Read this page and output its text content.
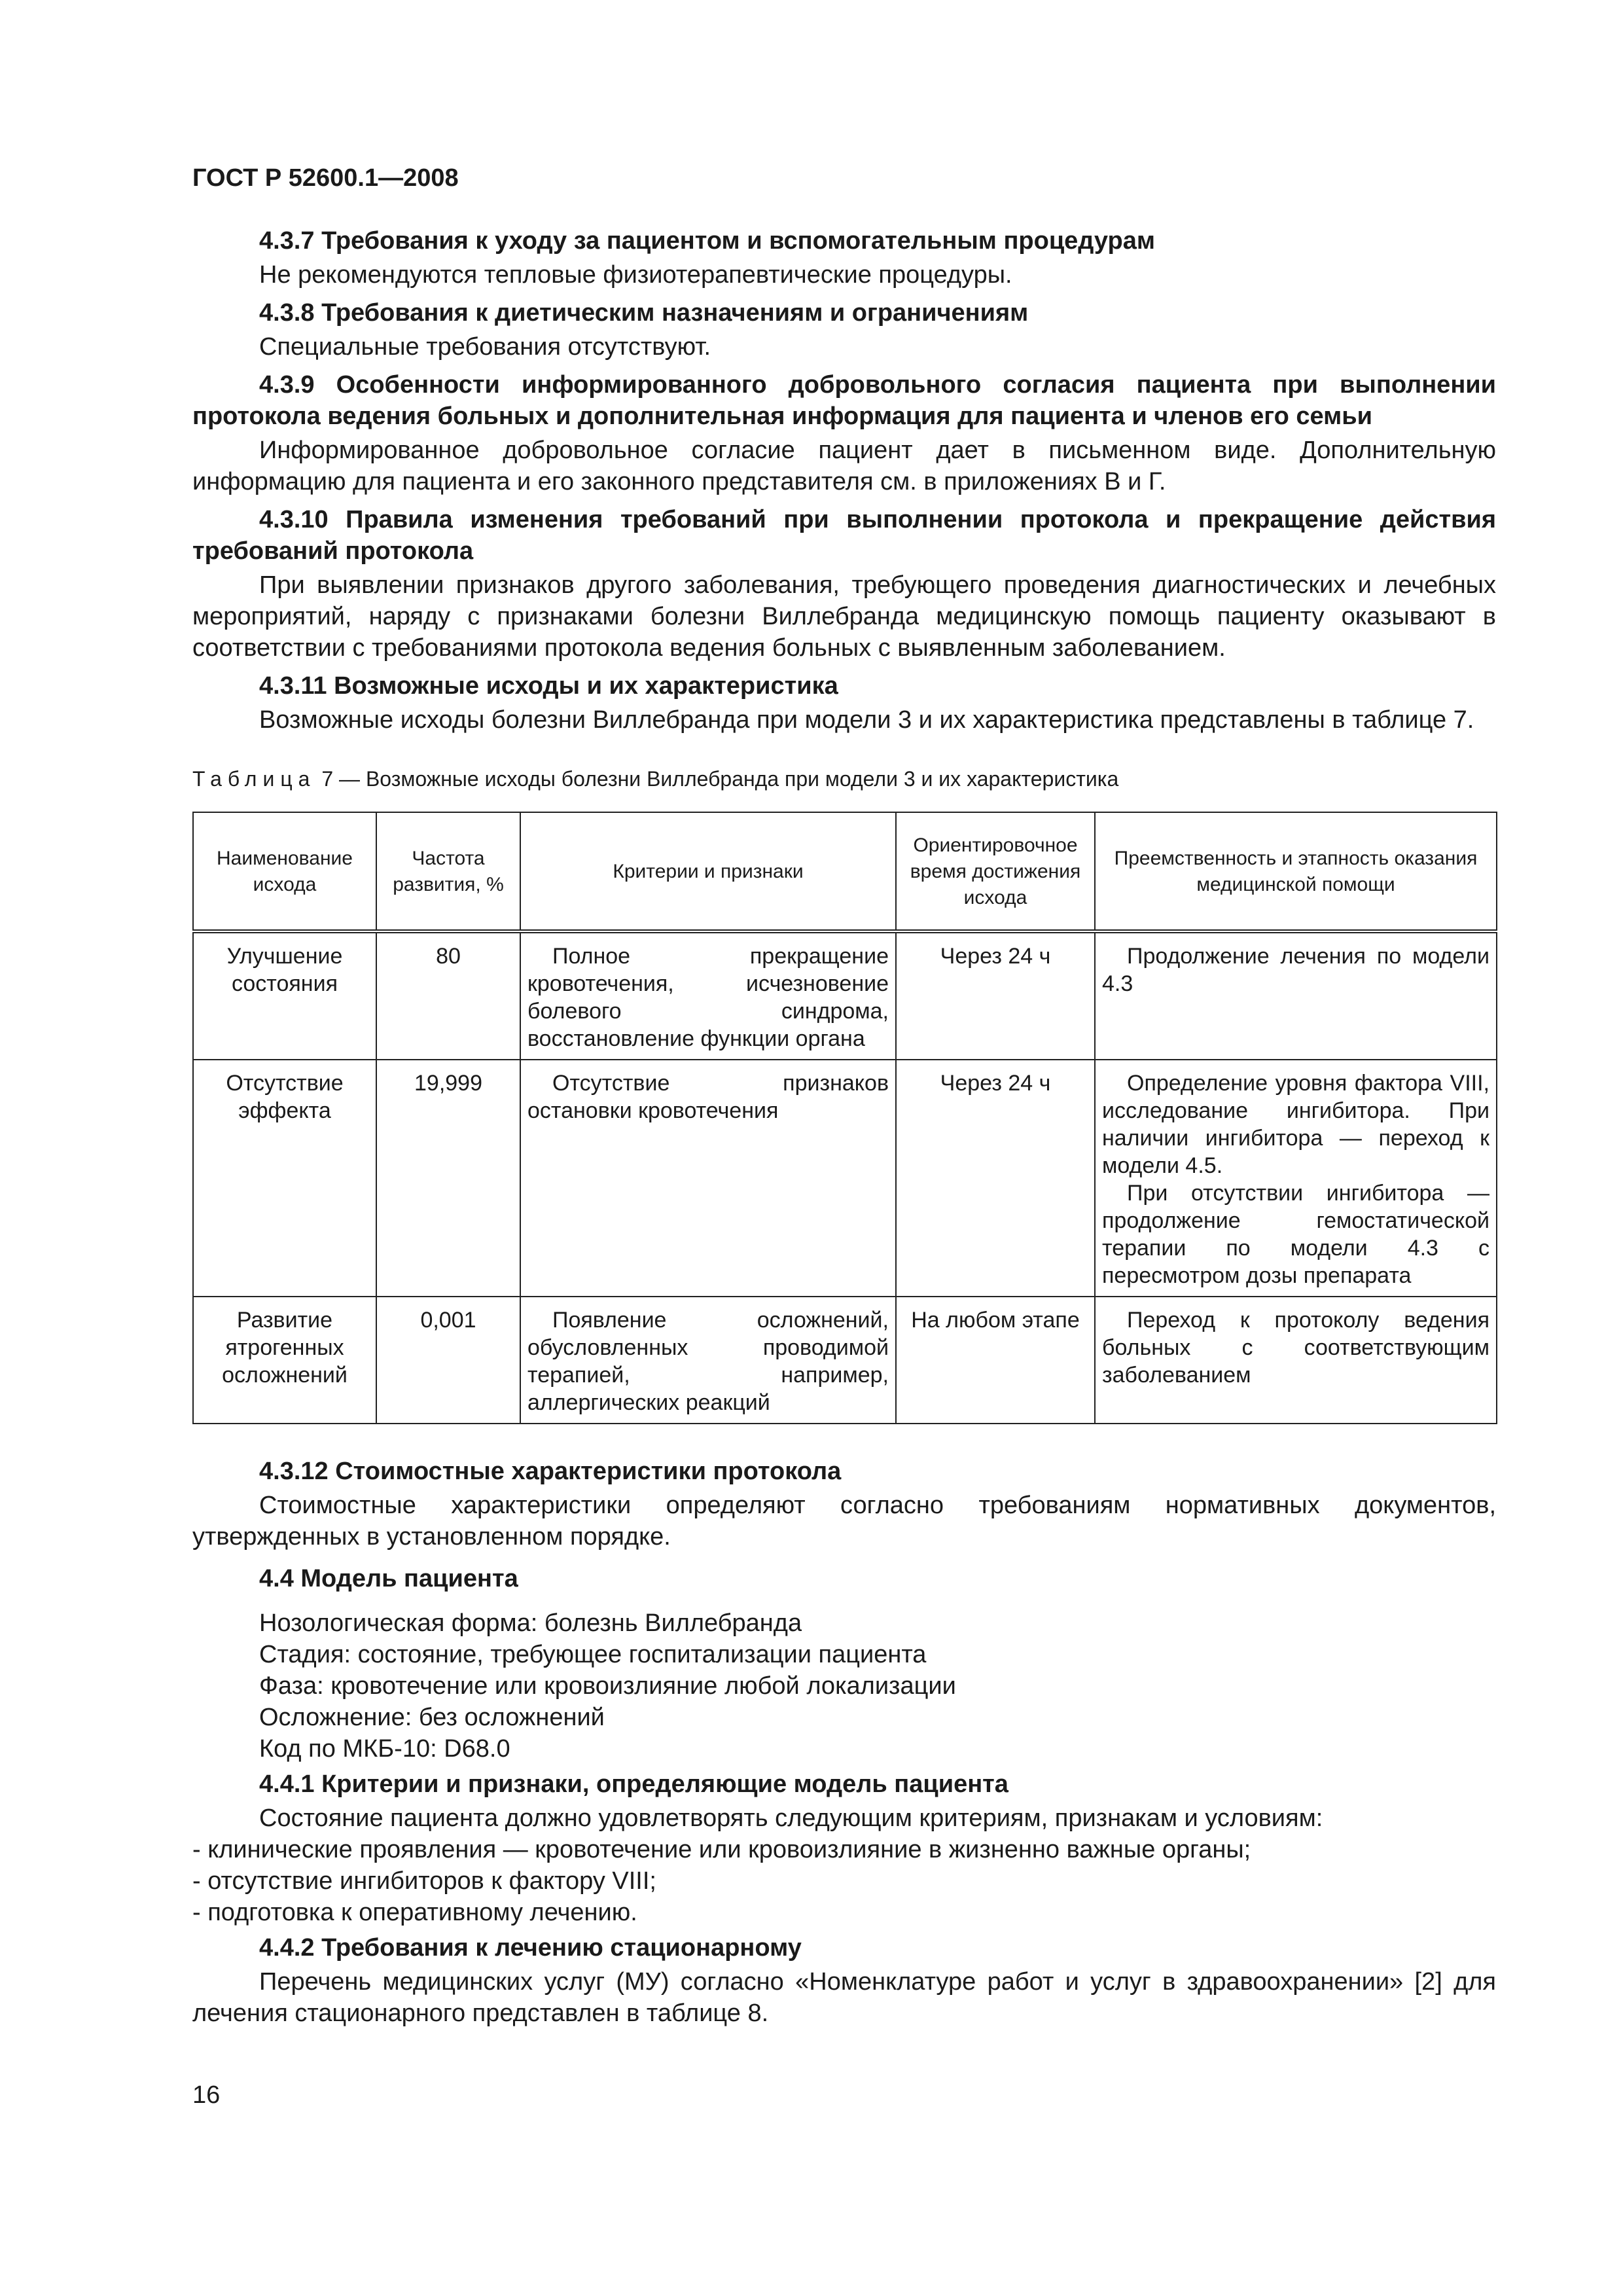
ГОСТ Р 52600.1—2008

4.3.7 Требования к уходу за пациентом и вспомогательным процедурам

Не рекомендуются тепловые физиотерапевтические процедуры.

4.3.8 Требования к диетическим назначениям и ограничениям

Специальные требования отсутствуют.

4.3.9 Особенности информированного добровольного согласия пациента при выполнении протокола ведения больных и дополнительная информация для пациента и членов его семьи

Информированное добровольное согласие пациент дает в письменном виде. Дополнительную информацию для пациента и его законного представителя см. в приложениях В и Г.

4.3.10 Правила изменения требований при выполнении протокола и прекращение действия требований протокола

При выявлении признаков другого заболевания, требующего проведения диагностических и лечебных мероприятий, наряду с признаками болезни Виллебранда медицинскую помощь пациенту оказывают в соответствии с требованиями протокола ведения больных с выявленным заболеванием.

4.3.11 Возможные исходы и их характеристика

Возможные исходы болезни Виллебранда при модели 3 и их характеристика представлены в таблице 7.

Таблица 7 — Возможные исходы болезни Виллебранда при модели 3 и их характеристика
Наименование исхода	Частота развития, %	Критерии и признаки	Ориентировочное время достижения исхода	Преемственность и этапность оказания медицинской помощи
Улучшение состояния	80	Полное прекращение кровотечения, исчезновение болевого синдрома, восстановление функции органа	Через 24 ч	Продолжение лечения по модели 4.3
Отсутствие эффекта	19,999	Отсутствие признаков остановки кровотечения	Через 24 ч	Определение уровня фактора VIII, исследование ингибитора. При наличии ингибитора — переход к модели 4.5.
При отсутствии ингибитора — продолжение гемостатической терапии по модели 4.3 с пересмотром дозы препарата

Развитие ятрогенных осложнений	0,001	Появление осложнений, обусловленных проводимой терапией, например, аллергических реакций	На любом этапе	Переход к протоколу ведения больных с соответствующим заболеванием

4.3.12 Стоимостные характеристики протокола

Стоимостные характеристики определяют согласно требованиям нормативных документов, утвержденных в установленном порядке.

4.4 Модель пациента

Нозологическая форма: болезнь Виллебранда

Стадия: состояние, требующее госпитализации пациента

Фаза: кровотечение или кровоизлияние любой локализации

Осложнение: без осложнений

Код по МКБ-10: D68.0

4.4.1 Критерии и признаки, определяющие модель пациента

Состояние пациента должно удовлетворять следующим критериям, признакам и условиям:

- клинические проявления — кровотечение или кровоизлияние в жизненно важные органы;

- отсутствие ингибиторов к фактору VIII;

- подготовка к оперативному лечению.

4.4.2 Требования к лечению стационарному

Перечень медицинских услуг (МУ) согласно «Номенклатуре работ и услуг в здравоохранении» [2] для лечения стационарного представлен в таблице 8.

16
